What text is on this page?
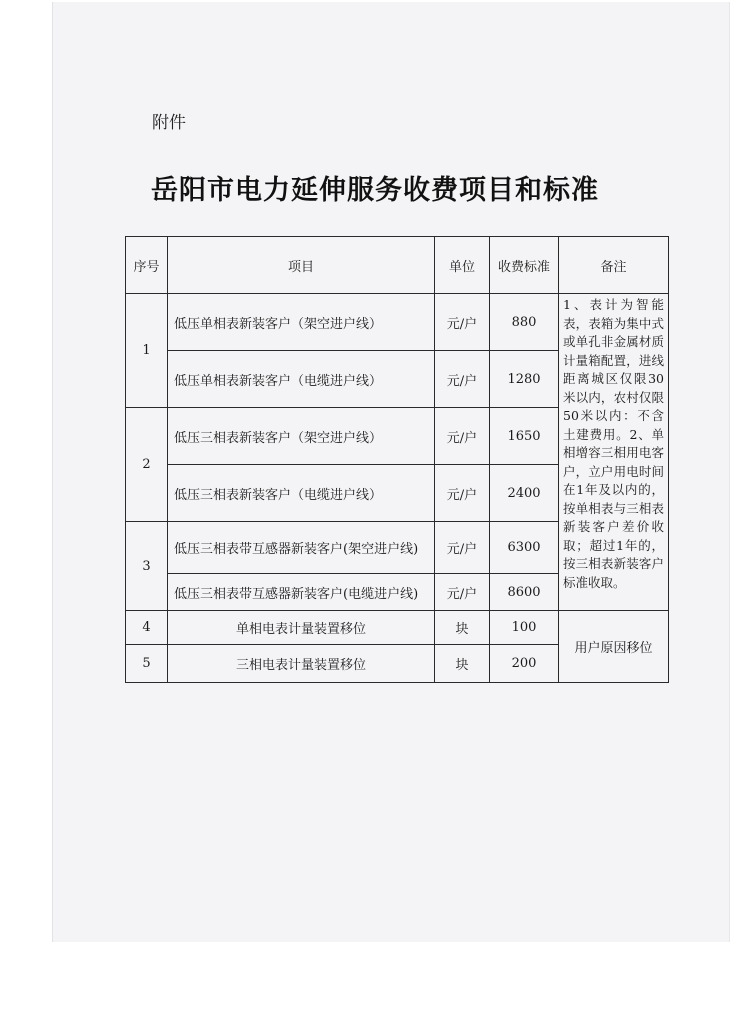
附件
岳阳市电力延伸服务收费项目和标准
序号	项目	单位	收费标准	备注
1	低压单相表新装客户（架空进户线）	元/户	880	1、表计为智能表，表箱为集中式或单孔非金属材质计量箱配置，进线距离城区仅限30米以内，农村仅限50米以内：不含土建费用。2、单相增容三相用电客户，立户用电时间在1年及以内的，按单相表与三相表新装客户差价收取；超过1年的，按三相表新装客户标准收取。
	低压单相表新装客户（电缆进户线）	元/户	1280	
2	低压三相表新装客户（架空进户线）	元/户	1650	
	低压三相表新装客户（电缆进户线）	元/户	2400	
3	低压三相表带互感器新装客户(架空进户线)	元/户	6300	
	低压三相表带互感器新装客户(电缆进户线)	元/户	8600	
4	单相电表计量装置移位	块	100	用户原因移位
5	三相电表计量装置移位	块	200	
